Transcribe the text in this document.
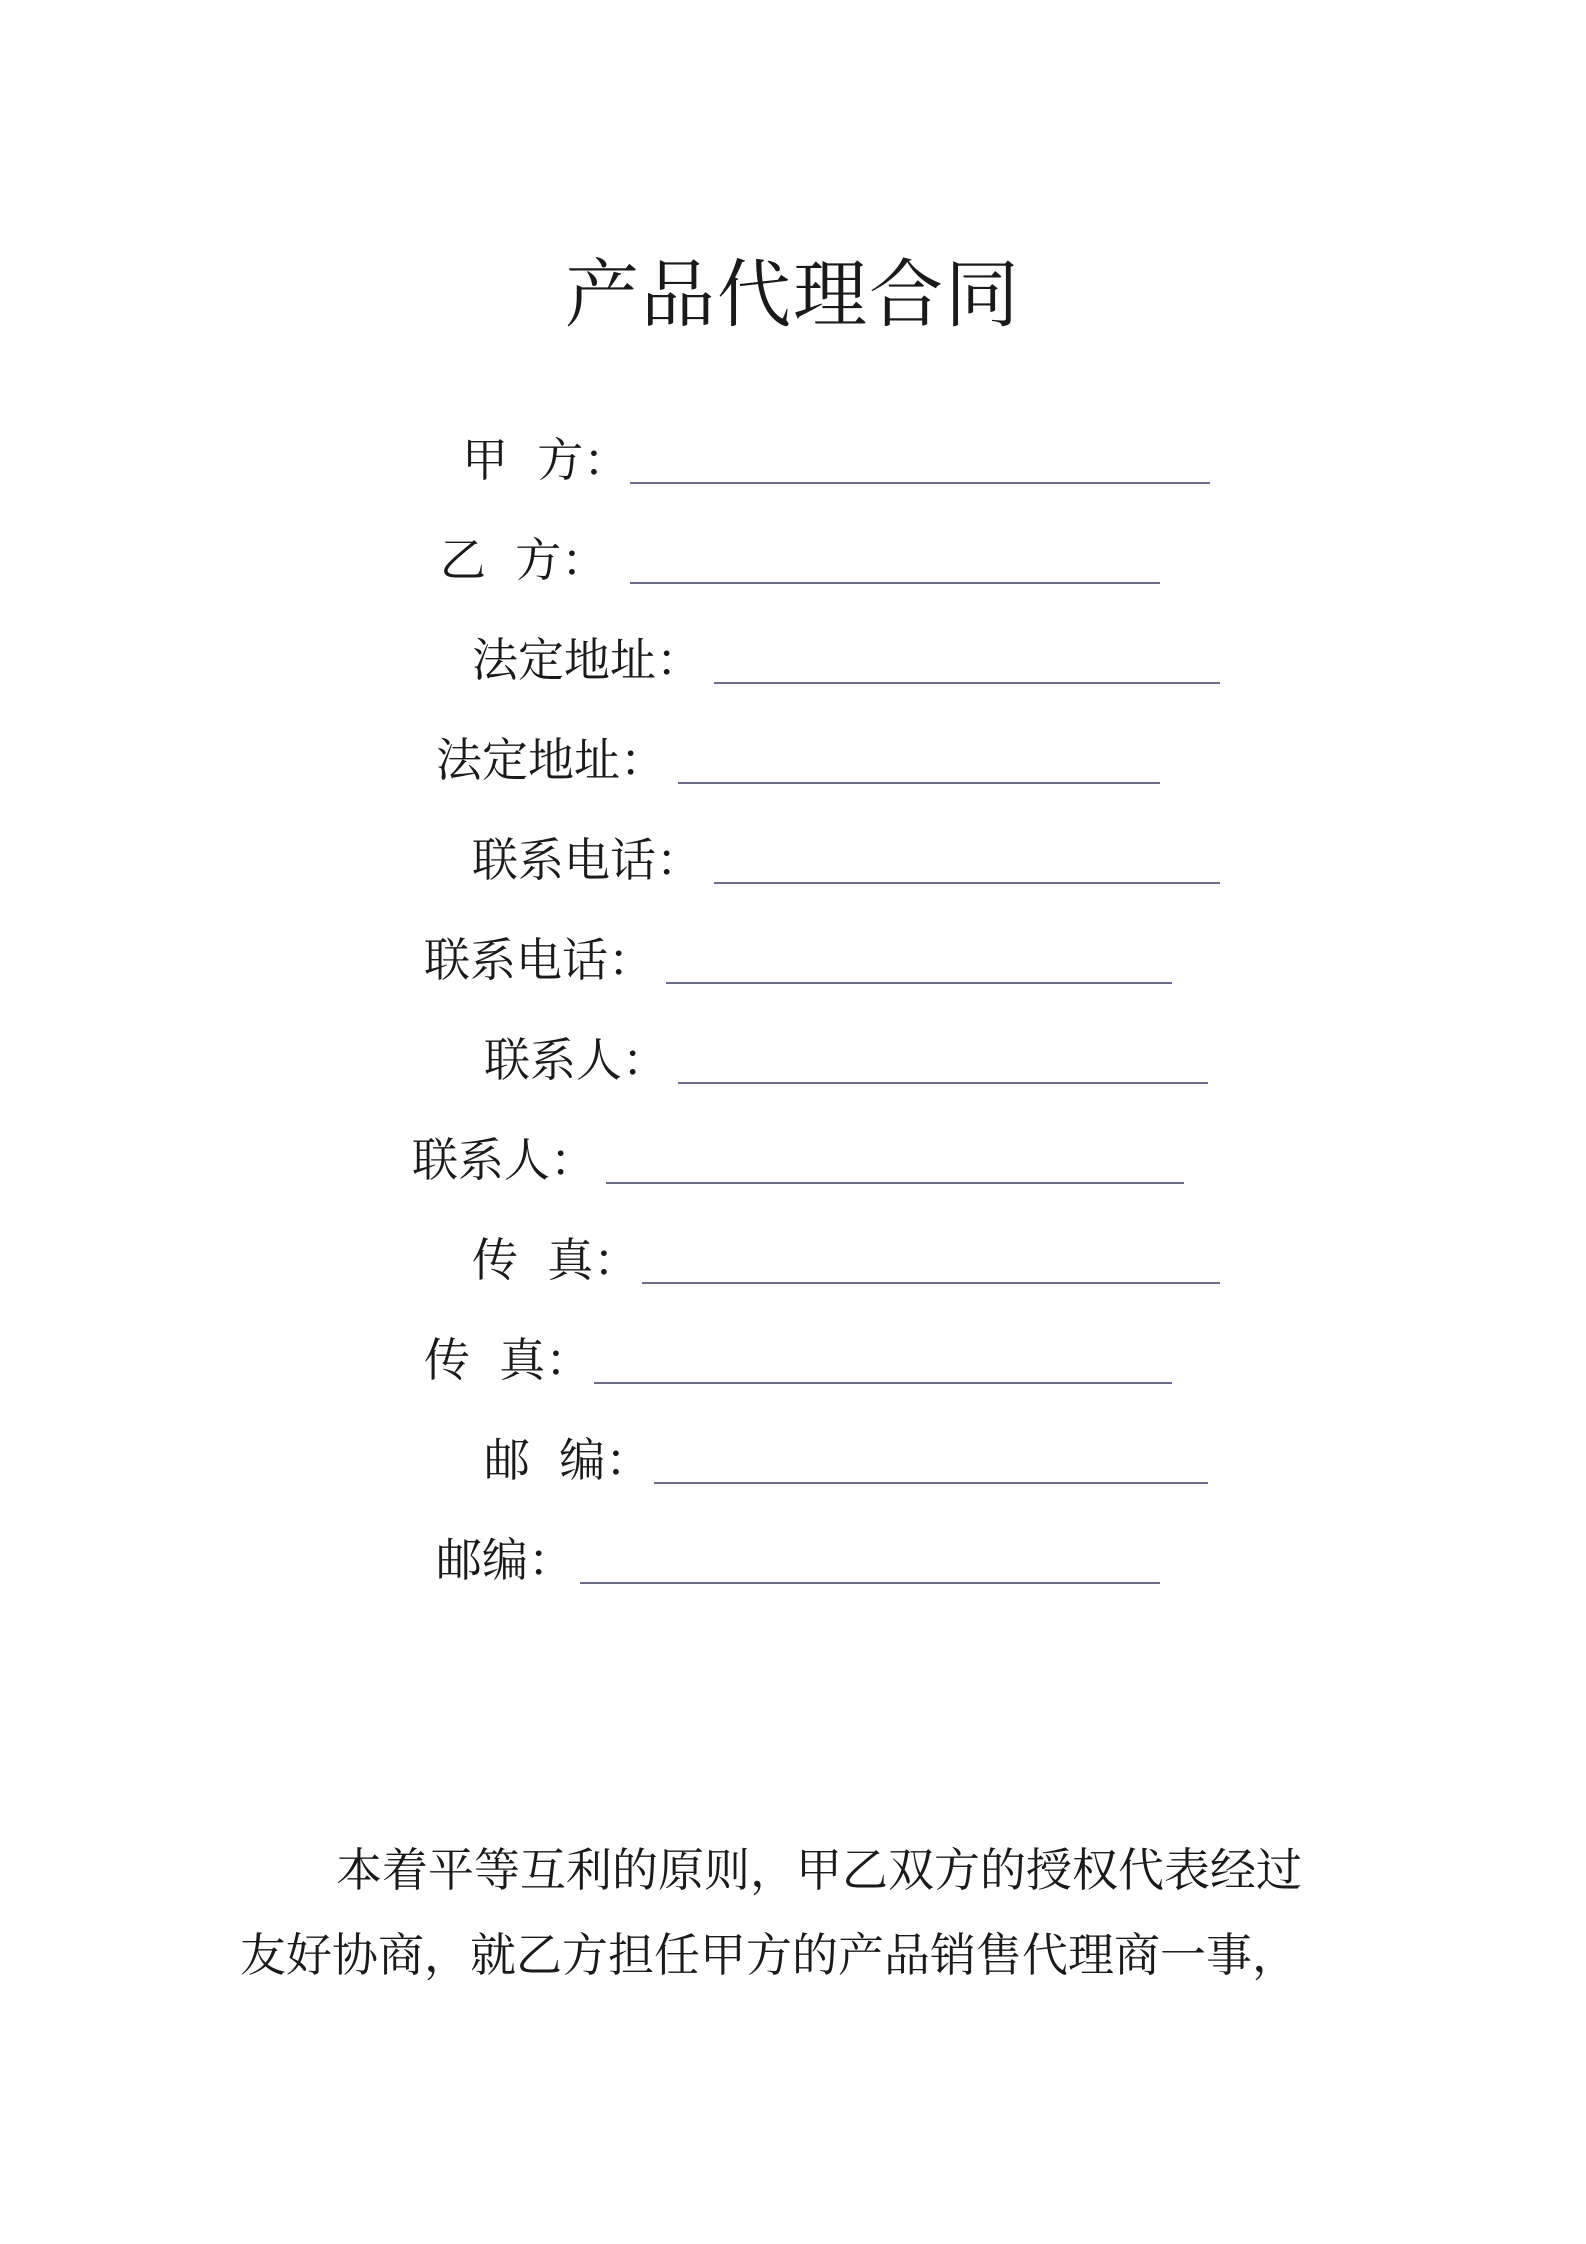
产品代理合同
甲  方：
乙  方：
法定地址：
法定地址：
联系电话：
联系电话：
联系人：
联系人：
传  真：
传  真：
邮  编：
邮编：

本着平等互利的原则，甲乙双方的授权代表经过

友好协商，就乙方担任甲方的产品销售代理商一事，
